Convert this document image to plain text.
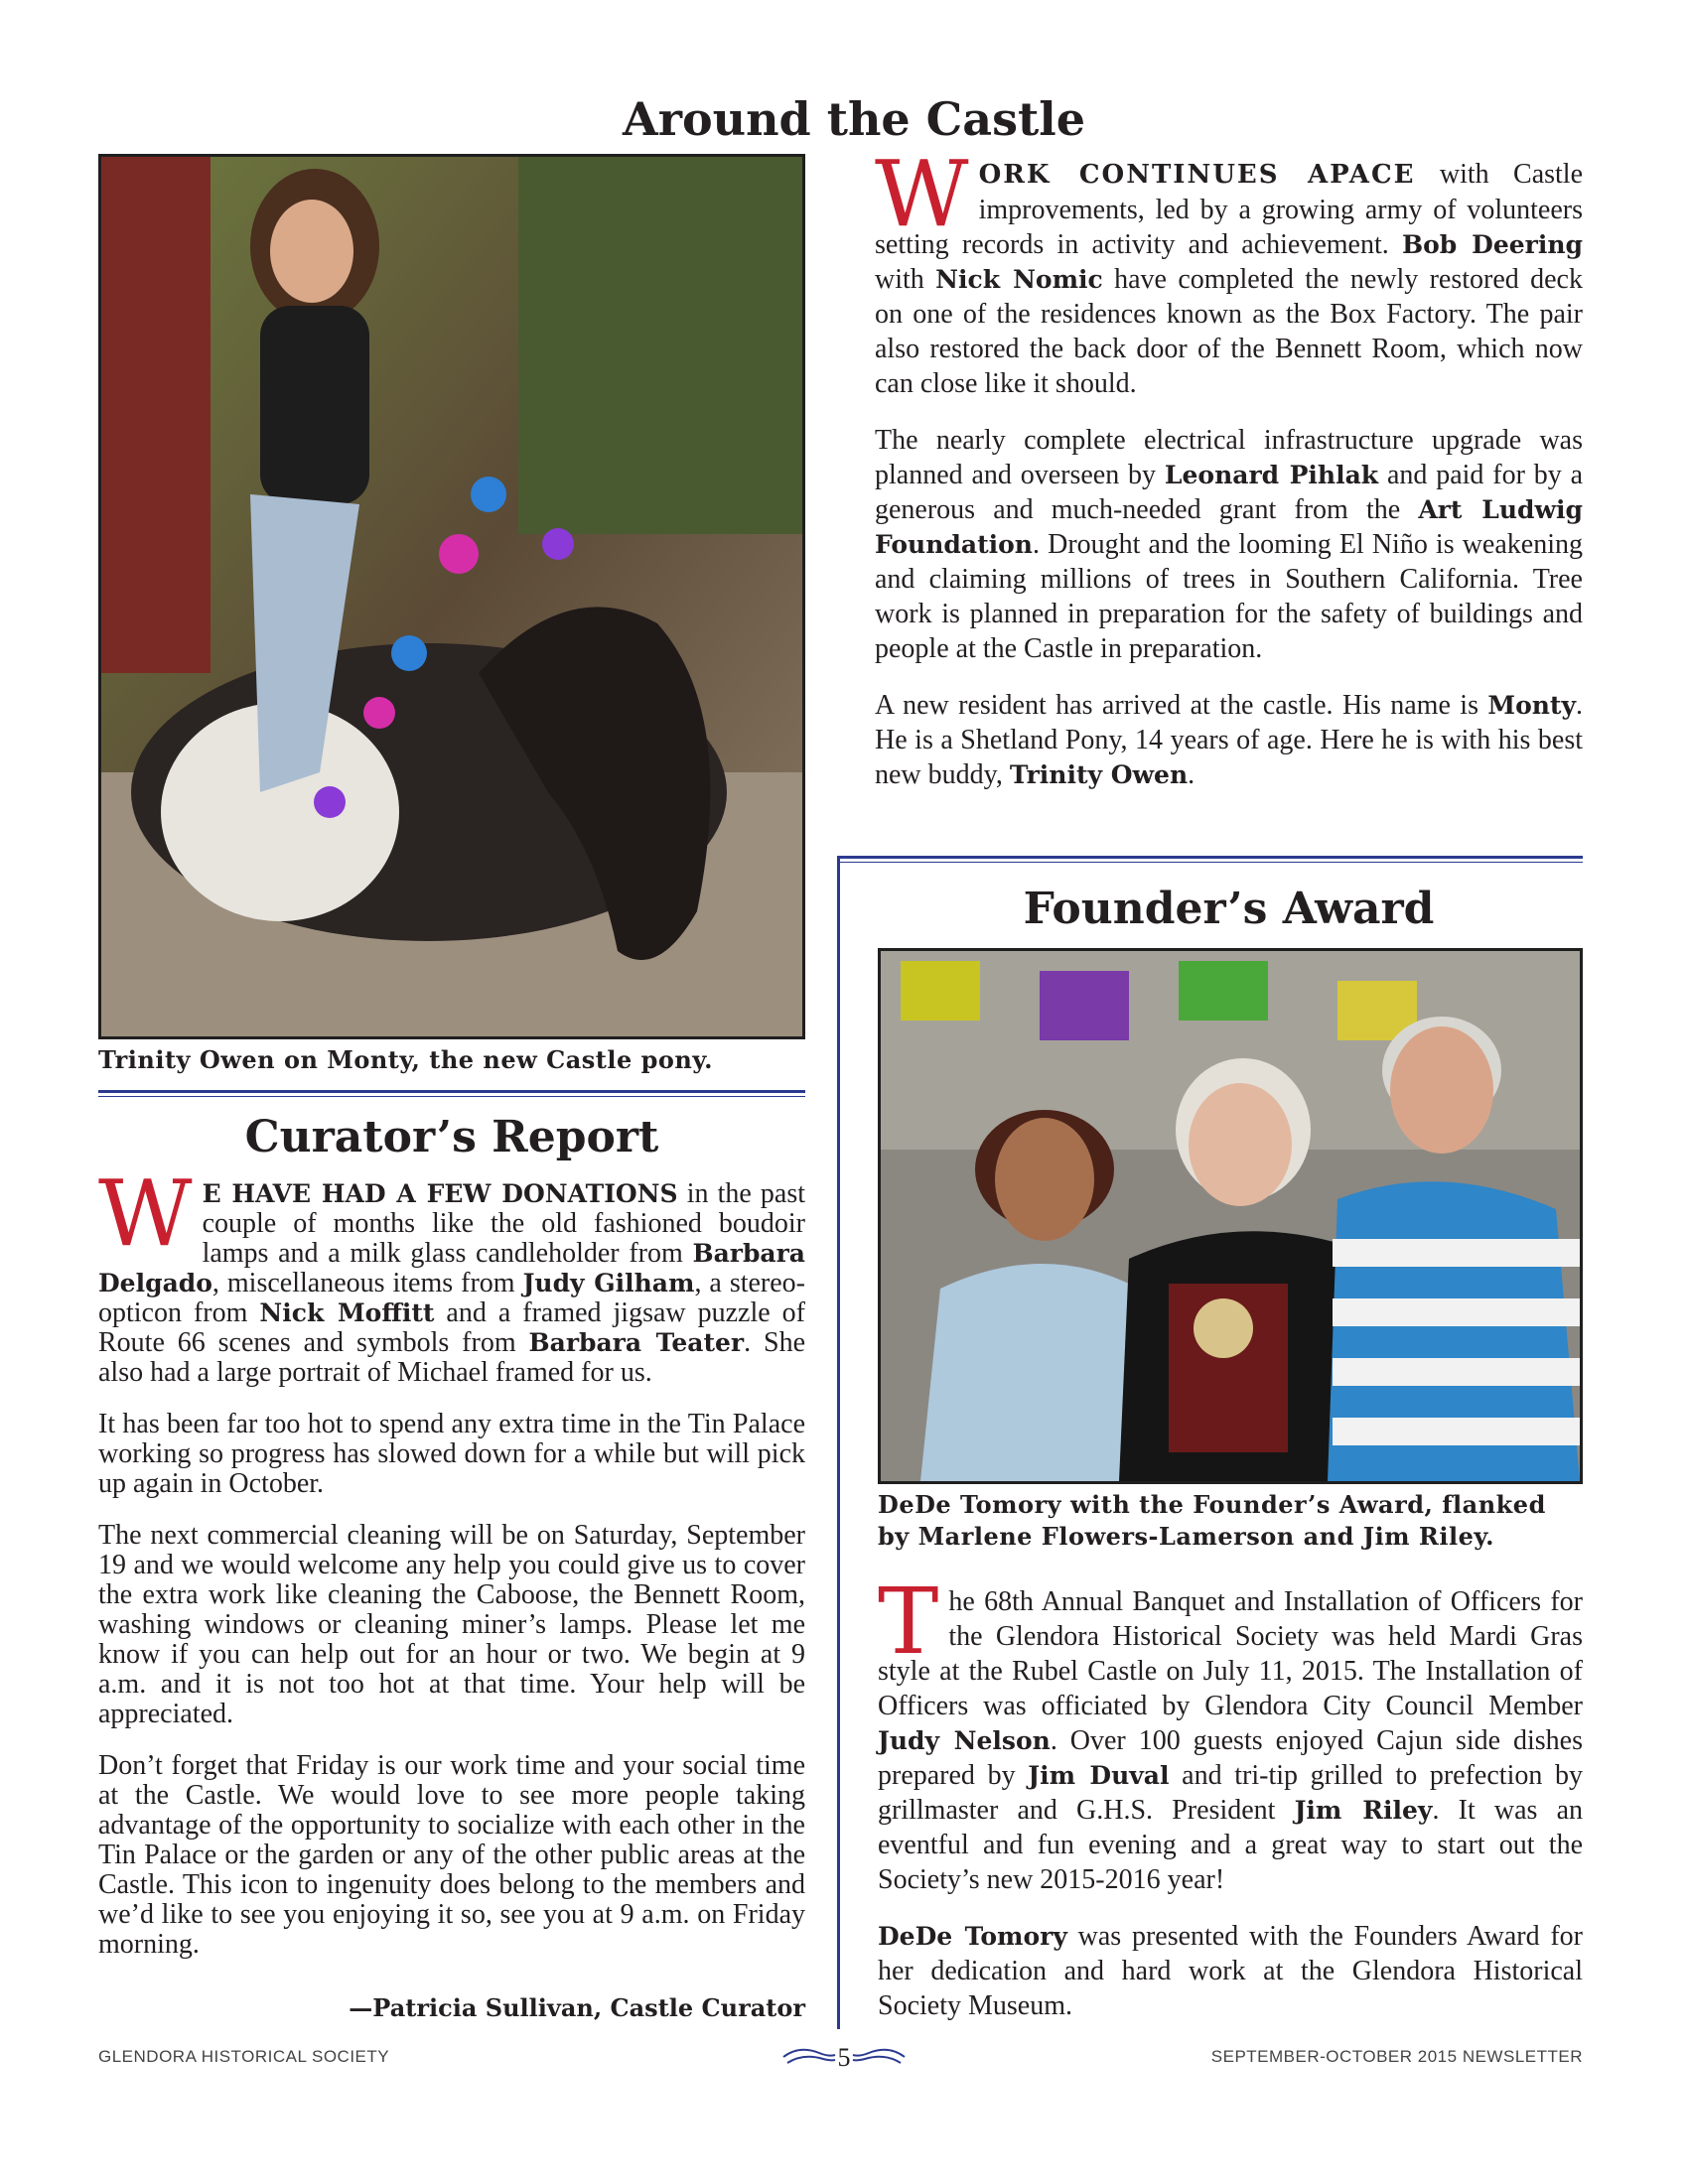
Around the Castle
Trinity Owen on Monty, the new Castle pony.

WORK CONTINUES APACE with Castle improvements, led by a growing army of volunteers setting records in activity and achievement. Bob Deering with Nick Nomic have completed the newly restored deck on one of the residences known as the Box Factory. The pair also restored the back door of the Bennett Room, which now can close like it should.

The nearly complete electrical infrastructure upgrade was planned and overseen by Leonard Pihlak and paid for by a generous and much-needed grant from the Art Ludwig Foundation. Drought and the looming El Niño is weakening and claiming millions of trees in Southern California. Tree work is planned in preparation for the safety of buildings and people at the Castle in preparation.

A new resident has arrived at the castle. His name is Monty. He is a Shetland Pony, 14 years of age. Here he is with his best new buddy, Trinity Owen.

Founder’s Award
DeDe Tomory with the Founder’s Award, flanked by Marlene Flowers-Lamerson and Jim Riley.

The 68th Annual Banquet and Installation of Officers for the Glendora Historical Society was held Mardi Gras style at the Rubel Castle on July 11, 2015. The Installation of Officers was officiated by Glendora City Council Member Judy Nelson. Over 100 guests enjoyed Cajun side dishes prepared by Jim Duval and tri-tip grilled to prefection by grillmaster and G.H.S. President Jim Riley. It was an eventful and fun evening and a great way to start out the Society’s new 2015-2016 year!

DeDe Tomory was presented with the Founders Award for her dedication and hard work at the Glendora Historical Society Museum.

Curator’s Report

W E HAVE HAD A FEW DONATIONS in the past couple of months like the old fashioned boudoir lamps and a milk glass candleholder from Barbara Delgado, miscellaneous items from Judy Gilham, a stereo-opticon from Nick Moffitt and a framed jigsaw puzzle of Route 66 scenes and symbols from Barbara Teater. She also had a large portrait of Michael framed for us.

It has been far too hot to spend any extra time in the Tin Palace working so progress has slowed down for a while but will pick up again in October.

The next commercial cleaning will be on Saturday, September 19 and we would welcome any help you could give us to cover the extra work like cleaning the Caboose, the Bennett Room, washing windows or cleaning miner’s lamps. Please let me know if you can help out for an hour or two. We begin at 9 a.m. and it is not too hot at that time. Your help will be appreciated.

Don’t forget that Friday is our work time and your social time at the Castle. We would love to see more people taking advantage of the opportunity to socialize with each other in the Tin Palace or the garden or any of the other public areas at the Castle. This icon to ingenuity does belong to the members and we’d like to see you enjoying it so, see you at 9 a.m. on Friday morning.

—Patricia Sullivan, Castle Curator
GLENDORA HISTORICAL SOCIETY	5	SEPTEMBER-OCTOBER 2015 NEWSLETTER
